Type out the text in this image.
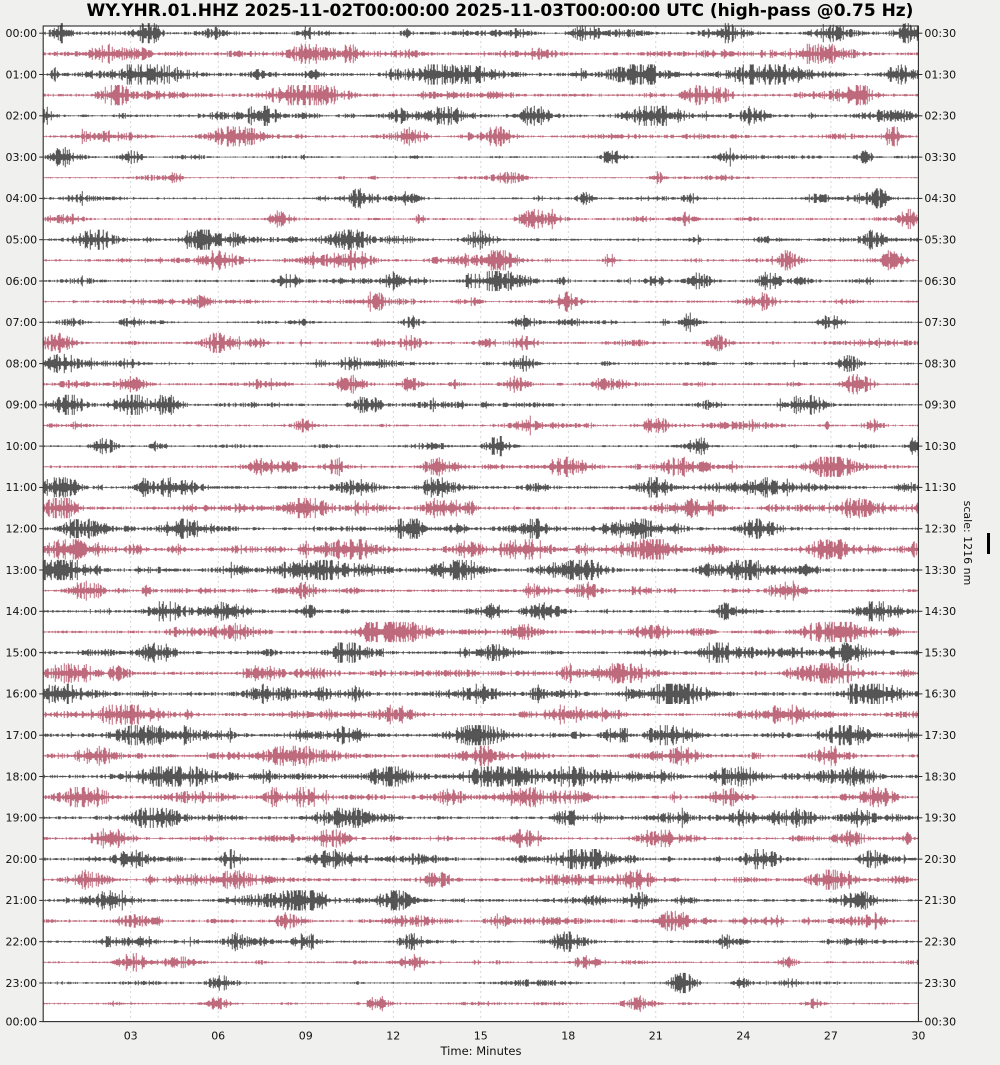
WY.YHR.01.HHZ 2025-11-02T00:00:00 2025-11-03T00:00:00 UTC (high-pass @0.75 Hz)
00:00	00:30
01:00	01:30
02:00	02:30
03:00	03:30
04:00	04:30
05:00	05:30
06:00	06:30
07:00	07:30
08:00	08:30
09:00	09:30
10:00	10:30
11:00	11:30
12:00	12:30
13:00	13:30
14:00	14:30
15:00	15:30
16:00	16:30
17:00	17:30
18:00	18:30
19:00	19:30
20:00	20:30
21:00	21:30
22:00	22:30
23:00	23:30
00:00	00:30
03	06	09	12	15	18	21	24	27	30
Time: Minutes
scale: 1216 nm
